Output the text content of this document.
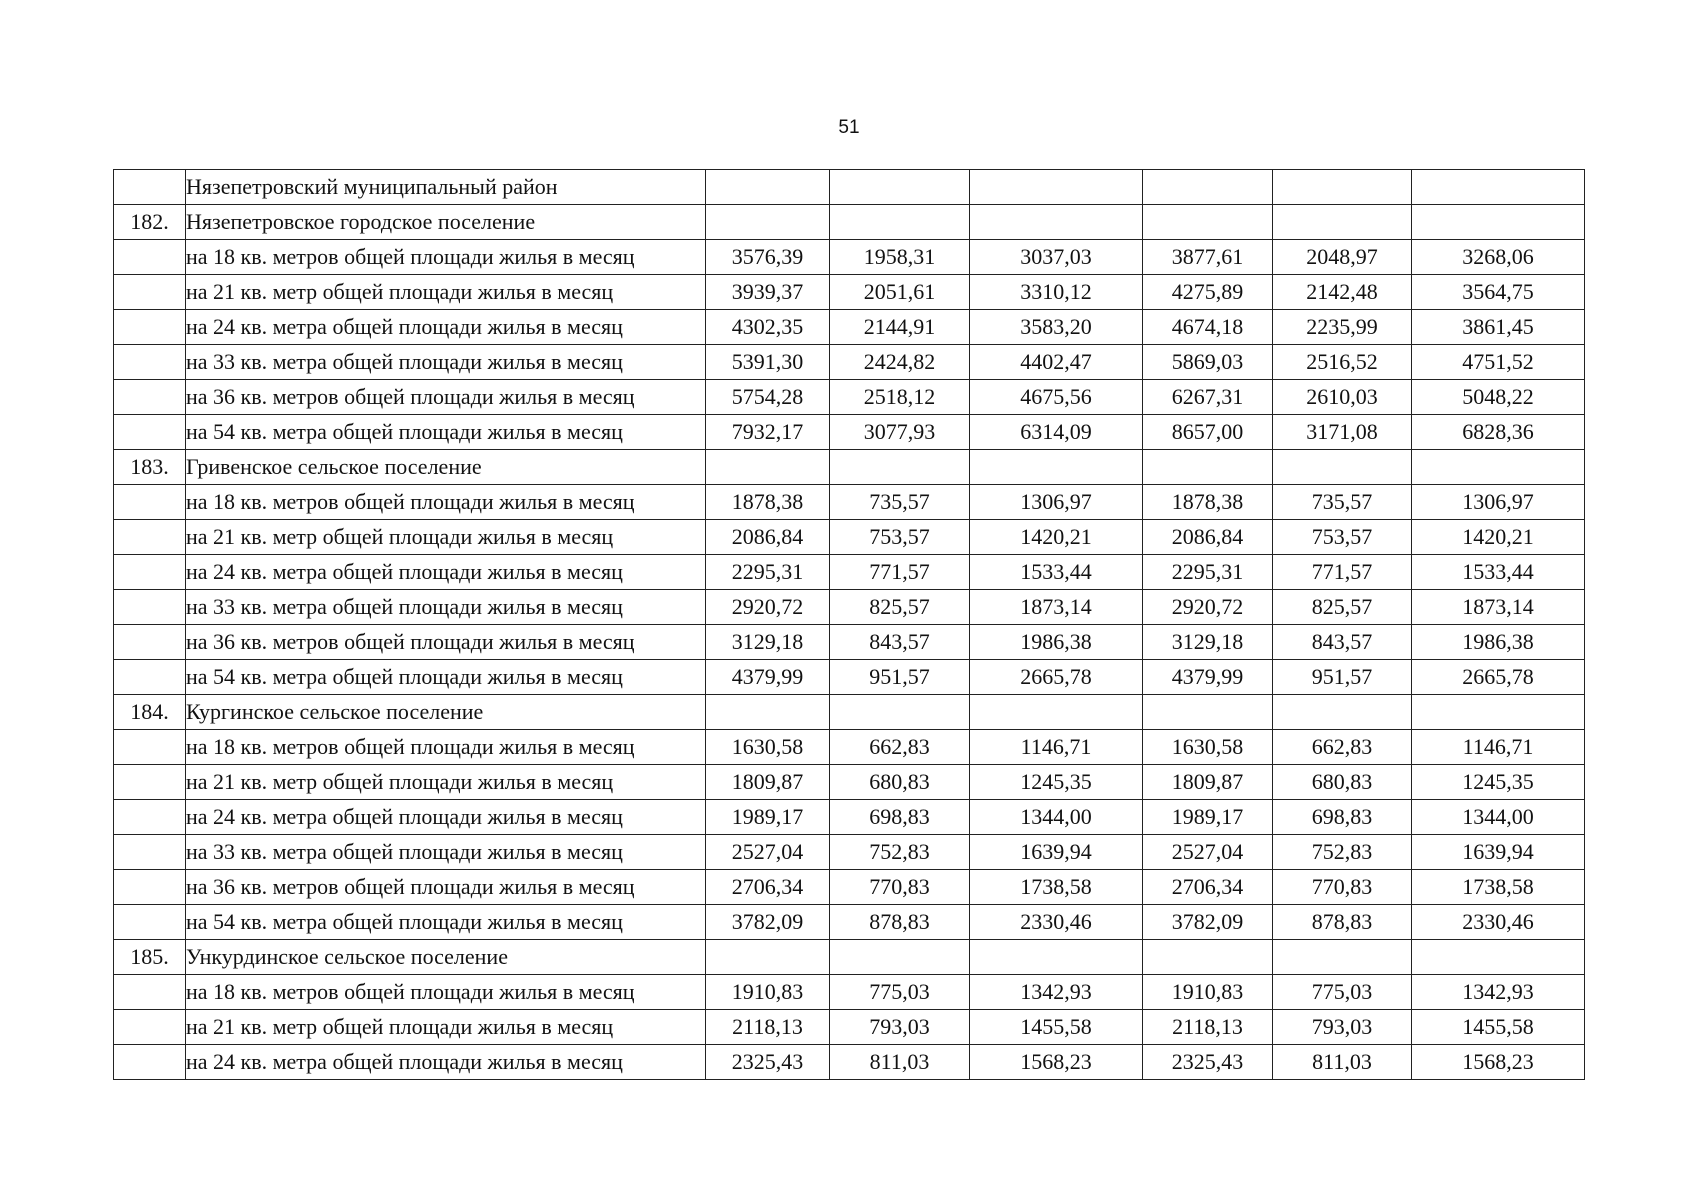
51
	Нязепетровский муниципальный район						
182.	Нязепетровское городское поселение						
	на 18 кв. метров общей площади жилья в месяц	3576,39	1958,31	3037,03	3877,61	2048,97	3268,06
	на 21 кв. метр общей площади жилья в месяц	3939,37	2051,61	3310,12	4275,89	2142,48	3564,75
	на 24 кв. метра общей площади жилья в месяц	4302,35	2144,91	3583,20	4674,18	2235,99	3861,45
	на 33 кв. метра общей площади жилья в месяц	5391,30	2424,82	4402,47	5869,03	2516,52	4751,52
	на 36 кв. метров общей площади жилья в месяц	5754,28	2518,12	4675,56	6267,31	2610,03	5048,22
	на 54 кв. метра общей площади жилья в месяц	7932,17	3077,93	6314,09	8657,00	3171,08	6828,36
183.	Гривенское сельское поселение						
	на 18 кв. метров общей площади жилья в месяц	1878,38	735,57	1306,97	1878,38	735,57	1306,97
	на 21 кв. метр общей площади жилья в месяц	2086,84	753,57	1420,21	2086,84	753,57	1420,21
	на 24 кв. метра общей площади жилья в месяц	2295,31	771,57	1533,44	2295,31	771,57	1533,44
	на 33 кв. метра общей площади жилья в месяц	2920,72	825,57	1873,14	2920,72	825,57	1873,14
	на 36 кв. метров общей площади жилья в месяц	3129,18	843,57	1986,38	3129,18	843,57	1986,38
	на 54 кв. метра общей площади жилья в месяц	4379,99	951,57	2665,78	4379,99	951,57	2665,78
184.	Кургинское сельское поселение						
	на 18 кв. метров общей площади жилья в месяц	1630,58	662,83	1146,71	1630,58	662,83	1146,71
	на 21 кв. метр общей площади жилья в месяц	1809,87	680,83	1245,35	1809,87	680,83	1245,35
	на 24 кв. метра общей площади жилья в месяц	1989,17	698,83	1344,00	1989,17	698,83	1344,00
	на 33 кв. метра общей площади жилья в месяц	2527,04	752,83	1639,94	2527,04	752,83	1639,94
	на 36 кв. метров общей площади жилья в месяц	2706,34	770,83	1738,58	2706,34	770,83	1738,58
	на 54 кв. метра общей площади жилья в месяц	3782,09	878,83	2330,46	3782,09	878,83	2330,46
185.	Ункурдинское сельское поселение						
	на 18 кв. метров общей площади жилья в месяц	1910,83	775,03	1342,93	1910,83	775,03	1342,93
	на 21 кв. метр общей площади жилья в месяц	2118,13	793,03	1455,58	2118,13	793,03	1455,58
	на 24 кв. метра общей площади жилья в месяц	2325,43	811,03	1568,23	2325,43	811,03	1568,23
